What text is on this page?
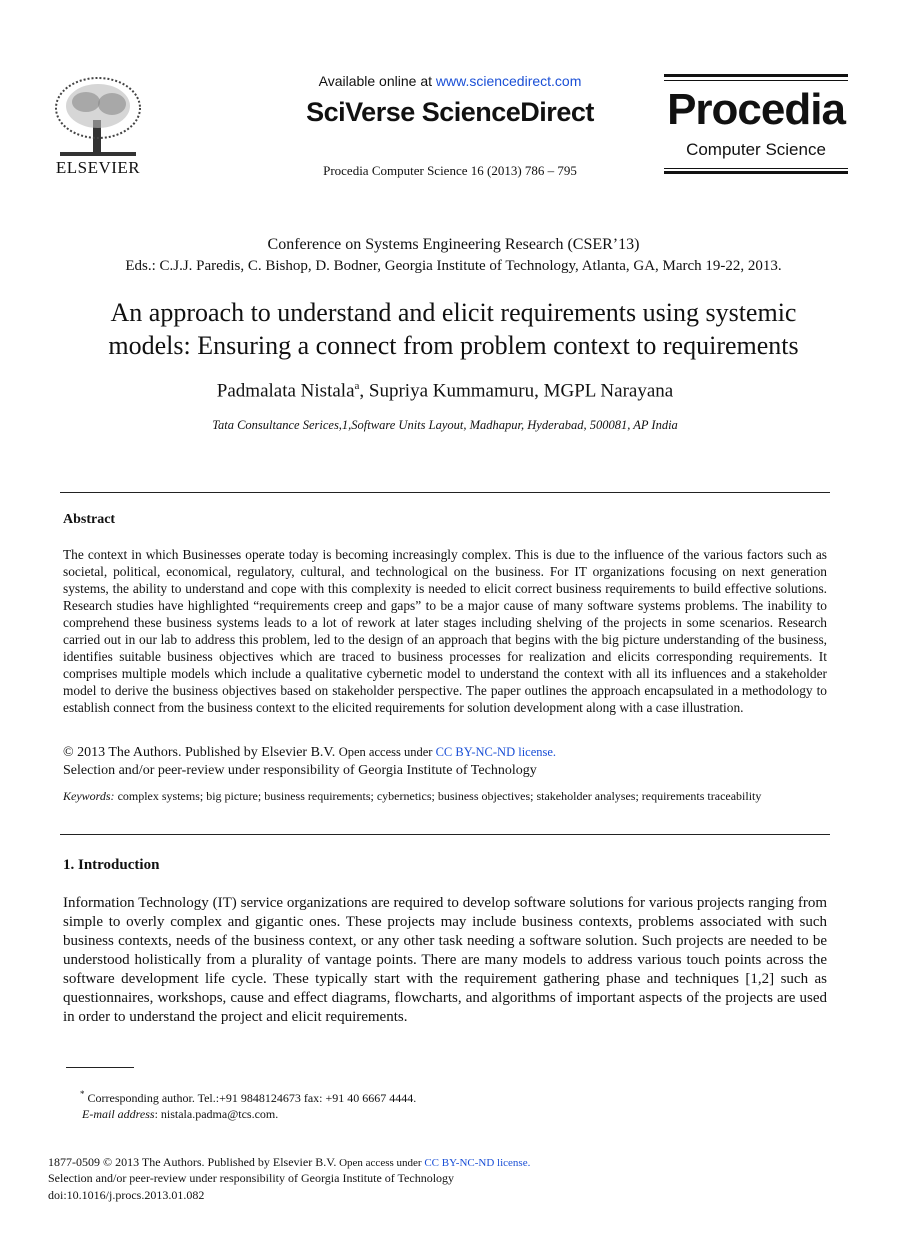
ELSEVIER
Available online at www.sciencedirect.com
SciVerse ScienceDirect
Procedia Computer Science 16 (2013) 786 – 795
Procedia
Computer Science
Conference on Systems Engineering Research (CSER’13)
Eds.: C.J.J. Paredis, C. Bishop, D. Bodner, Georgia Institute of Technology, Atlanta, GA, March 19-22, 2013.
An approach to understand and elicit requirements using systemic
models: Ensuring a connect from problem context to requirements
Padmalata Nistala$^a$, Supriya Kummamuru, MGPL Narayana
Tata Consultance Serices,1,Software Units Layout, Madhapur, Hyderabad, 500081, AP India
Abstract

The context in which Businesses operate today is becoming increasingly complex. This is due to the influence of the various factors such as societal, political, economical, regulatory, cultural, and technological on the business. For IT organizations focusing on next generation systems, the ability to understand and cope with this complexity is needed to elicit correct business requirements to build effective solutions. Research studies have highlighted “requirements creep and gaps” to be a major cause of many software systems problems. The inability to comprehend these business systems leads to a lot of rework at later stages including shelving of the projects in some scenarios. Research carried out in our lab to address this problem, led to the design of an approach that begins with the big picture understanding of the business, identifies suitable business objectives which are traced to business processes for realization and elicits corresponding requirements. It comprises multiple models which include a qualitative cybernetic model to understand the context with all its influences and a stakeholder model to derive the business objectives based on stakeholder perspective. The paper outlines the approach encapsulated in a methodology to establish connect from the business context to the elicited requirements for solution development along with a case illustration.

© 2013 The Authors. Published by Elsevier B.V. Open access under CC BY-NC-ND license.
Selection and/or peer-review under responsibility of Georgia Institute of Technology
Keywords: complex systems; big picture; business requirements; cybernetics; business objectives; stakeholder analyses; requirements traceability
1. Introduction

Information Technology (IT) service organizations are required to develop software solutions for various projects ranging from simple to overly complex and gigantic ones. These projects may include business contexts, problems associated with such business contexts, needs of the business context, or any other task needing a software solution. Such projects are needed to be understood holistically from a plurality of vantage points. There are many models to address various touch points across the software development life cycle. These typically start with the requirement gathering phase and techniques [1,2] such as questionnaires, workshops, cause and effect diagrams, flowcharts, and algorithms of important aspects of the projects are used in order to understand the project and elicit requirements.

* Corresponding author. Tel.:+91 9848124673 fax: +91 40 6667 4444.
E-mail address: nistala.padma@tcs.com.
1877-0509 © 2013 The Authors. Published by Elsevier B.V. Open access under CC BY-NC-ND license.
Selection and/or peer-review under responsibility of Georgia Institute of Technology
doi:10.1016/j.procs.2013.01.082
